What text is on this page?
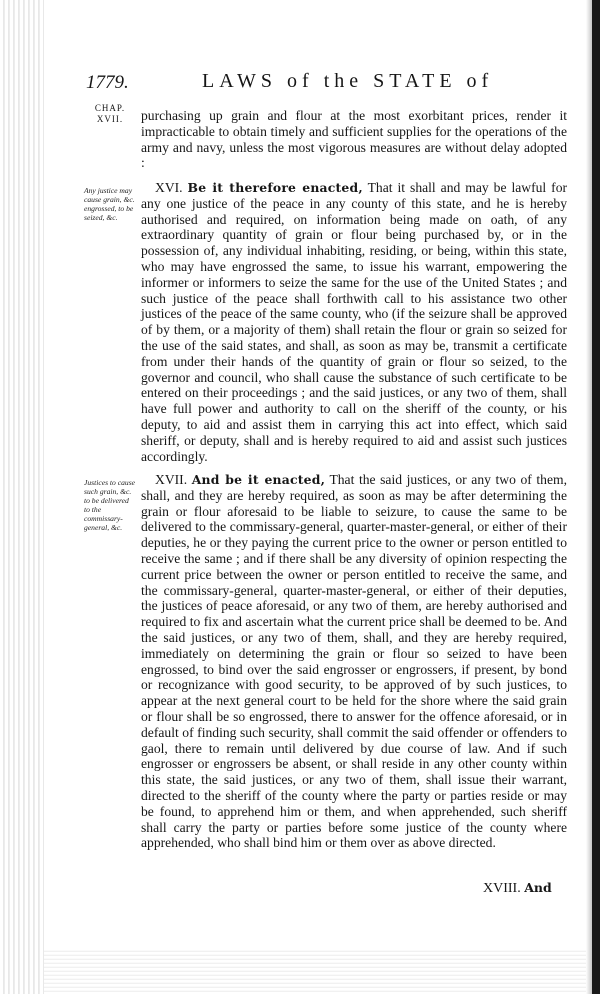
1779.	LAWS of the STATE of
CHAP.
XVII.	purchasing up grain and flour at the most exorbitant prices, render it impracticable to obtain timely and sufficient supplies for the operations of the army and navy, unless the most vigorous measures are without delay adopted :
Any justice may cause grain, &c. engrossed, to be seized, &c.
XVI. Be it therefore enacted, That it shall and may be lawful for any one justice of the peace in any county of this state, and he is hereby authorised and required, on information being made on oath, of any extraordinary quantity of grain or flour being purchased by, or in the possession of, any individual inhabiting, residing, or being, within this state, who may have engrossed the same, to issue his warrant, empowering the informer or informers to seize the same for the use of the United States ; and such justice of the peace shall forthwith call to his assistance two other justices of the peace of the same county, who (if the seizure shall be approved of by them, or a majority of them) shall retain the flour or grain so seized for the use of the said states, and shall, as soon as may be, transmit a certificate from under their hands of the quantity of grain or flour so seized, to the governor and council, who shall cause the substance of such certificate to be entered on their proceedings ; and the said justices, or any two of them, shall have full power and authority to call on the sheriff of the county, or his deputy, to aid and assist them in carrying this act into effect, which said sheriff, or deputy, shall and is hereby required to aid and assist such justices accordingly.
Justices to cause such grain, &c. to be delivered to the commissary-general, &c.
XVII. And be it enacted, That the said justices, or any two of them, shall, and they are hereby required, as soon as may be after determining the grain or flour aforesaid to be liable to seizure, to cause the same to be delivered to the commissary-general, quarter-master-general, or either of their deputies, he or they paying the current price to the owner or person entitled to receive the same ; and if there shall be any diversity of opinion respecting the current price between the owner or person entitled to receive the same, and the commissary-general, quarter-master-general, or either of their deputies, the justices of peace aforesaid, or any two of them, are hereby authorised and required to fix and ascertain what the current price shall be deemed to be. And the said justices, or any two of them, shall, and they are hereby required, immediately on determining the grain or flour so seized to have been engrossed, to bind over the said engrosser or engrossers, if present, by bond or recognizance with good security, to be approved of by such justices, to appear at the next general court to be held for the shore where the said grain or flour shall be so engrossed, there to answer for the offence aforesaid, or in default of finding such security, shall commit the said offender or offenders to gaol, there to remain until delivered by due course of law. And if such engrosser or engrossers be absent, or shall reside in any other county within this state, the said justices, or any two of them, shall issue their warrant, directed to the sheriff of the county where the party or parties reside or may be found, to apprehend him or them, and when apprehended, such sheriff shall carry the party or parties before some justice of the county where apprehended, who shall bind him or them over as above directed.
XVIII. And
